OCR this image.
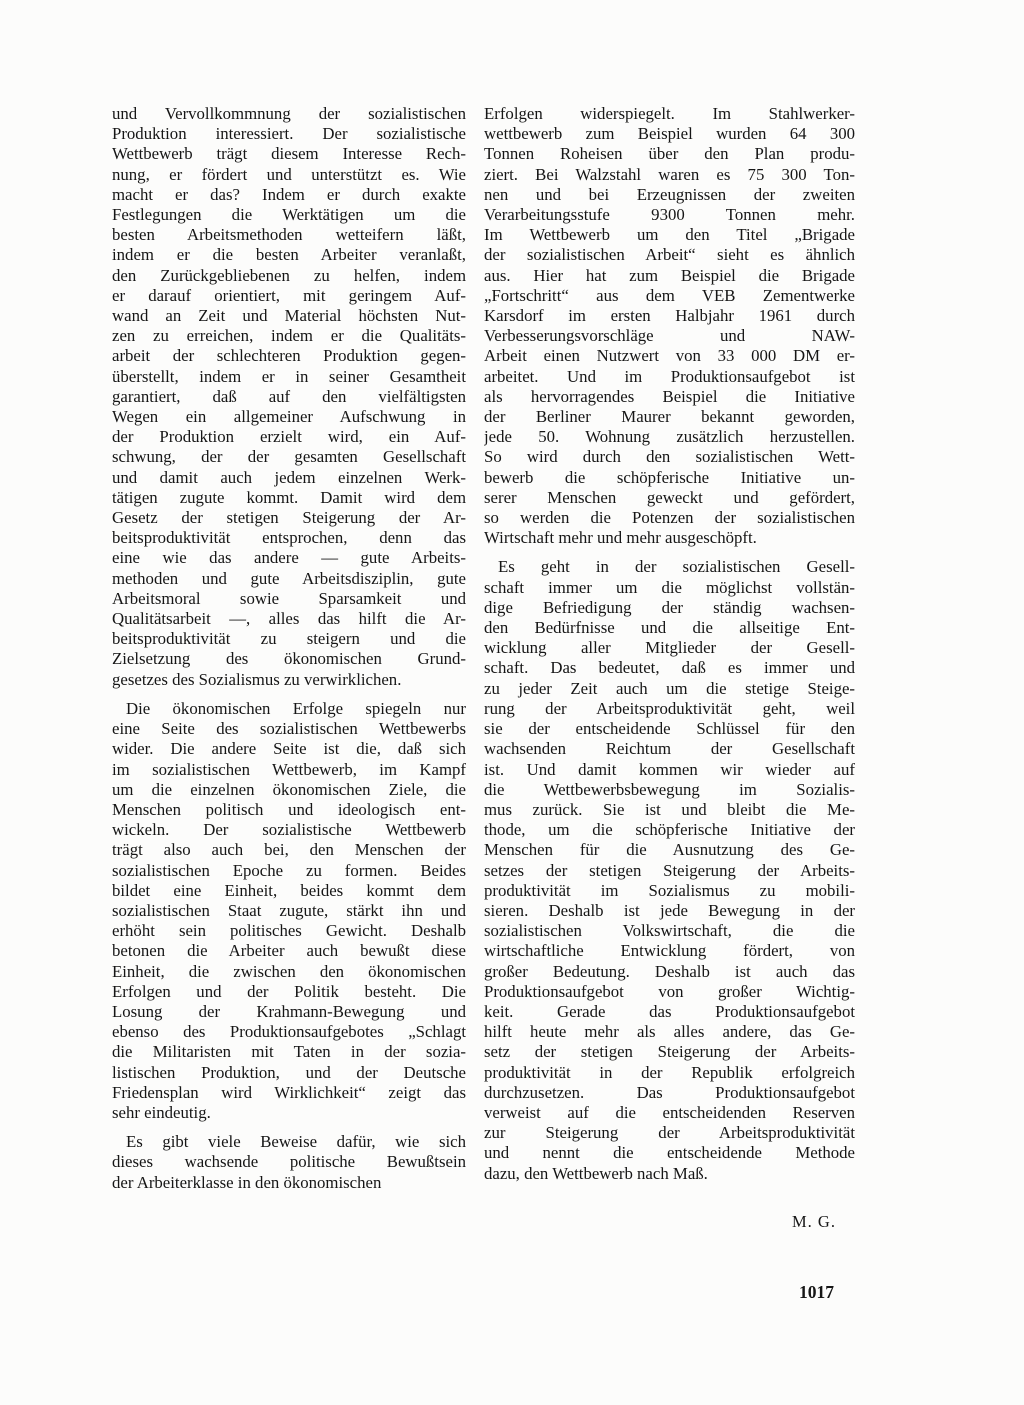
und Vervollkommnung der sozialistischen
Produktion interessiert. Der sozialistische
Wettbewerb trägt diesem Interesse Rech-
nung, er fördert und unterstützt es. Wie
macht er das? Indem er durch exakte
Festlegungen die Werktätigen um die
besten Arbeitsmethoden wetteifern läßt,
indem er die besten Arbeiter veranlaßt,
den Zurückgebliebenen zu helfen, indem
er darauf orientiert, mit geringem Auf-
wand an Zeit und Material höchsten Nut-
zen zu erreichen, indem er die Qualitäts-
arbeit der schlechteren Produktion gegen-
überstellt, indem er in seiner Gesamtheit
garantiert, daß auf den vielfältigsten
Wegen ein allgemeiner Aufschwung in
der Produktion erzielt wird, ein Auf-
schwung, der der gesamten Gesellschaft
und damit auch jedem einzelnen Werk-
tätigen zugute kommt. Damit wird dem
Gesetz der stetigen Steigerung der Ar-
beitsproduktivität entsprochen, denn das
eine wie das andere — gute Arbeits-
methoden und gute Arbeitsdisziplin, gute
Arbeitsmoral sowie Sparsamkeit und
Qualitätsarbeit —, alles das hilft die Ar-
beitsproduktivität zu steigern und die
Zielsetzung des ökonomischen Grund-
gesetzes des Sozialismus zu verwirklichen.
Die ökonomischen Erfolge spiegeln nur
eine Seite des sozialistischen Wettbewerbs
wider. Die andere Seite ist die, daß sich
im sozialistischen Wettbewerb, im Kampf
um die einzelnen ökonomischen Ziele, die
Menschen politisch und ideologisch ent-
wickeln. Der sozialistische Wettbewerb
trägt also auch bei, den Menschen der
sozialistischen Epoche zu formen. Beides
bildet eine Einheit, beides kommt dem
sozialistischen Staat zugute, stärkt ihn und
erhöht sein politisches Gewicht. Deshalb
betonen die Arbeiter auch bewußt diese
Einheit, die zwischen den ökonomischen
Erfolgen und der Politik besteht. Die
Losung der Krahmann-Bewegung und
ebenso des Produktionsaufgebotes „Schlagt
die Militaristen mit Taten in der sozia-
listischen Produktion, und der Deutsche
Friedensplan wird Wirklichkeit“ zeigt das
sehr eindeutig.
Es gibt viele Beweise dafür, wie sich
dieses wachsende politische Bewußtsein
der Arbeiterklasse in den ökonomischen
Erfolgen widerspiegelt. Im Stahlwerker-
wettbewerb zum Beispiel wurden 64 300
Tonnen Roheisen über den Plan produ-
ziert. Bei Walzstahl waren es 75 300 Ton-
nen und bei Erzeugnissen der zweiten
Verarbeitungsstufe 9300 Tonnen mehr.
Im Wettbewerb um den Titel „Brigade
der sozialistischen Arbeit“ sieht es ähnlich
aus. Hier hat zum Beispiel die Brigade
„Fortschritt“ aus dem VEB Zementwerke
Karsdorf im ersten Halbjahr 1961 durch
Verbesserungsvorschläge und NAW-
Arbeit einen Nutzwert von 33 000 DM er-
arbeitet. Und im Produktionsaufgebot ist
als hervorragendes Beispiel die Initiative
der Berliner Maurer bekannt geworden,
jede 50. Wohnung zusätzlich herzustellen.
So wird durch den sozialistischen Wett-
bewerb die schöpferische Initiative un-
serer Menschen geweckt und gefördert,
so werden die Potenzen der sozialistischen
Wirtschaft mehr und mehr ausgeschöpft.
Es geht in der sozialistischen Gesell-
schaft immer um die möglichst vollstän-
dige Befriedigung der ständig wachsen-
den Bedürfnisse und die allseitige Ent-
wicklung aller Mitglieder der Gesell-
schaft. Das bedeutet, daß es immer und
zu jeder Zeit auch um die stetige Steige-
rung der Arbeitsproduktivität geht, weil
sie der entscheidende Schlüssel für den
wachsenden Reichtum der Gesellschaft
ist. Und damit kommen wir wieder auf
die Wettbewerbsbewegung im Sozialis-
mus zurück. Sie ist und bleibt die Me-
thode, um die schöpferische Initiative der
Menschen für die Ausnutzung des Ge-
setzes der stetigen Steigerung der Arbeits-
produktivität im Sozialismus zu mobili-
sieren. Deshalb ist jede Bewegung in der
sozialistischen Volkswirtschaft, die die
wirtschaftliche Entwicklung fördert, von
großer Bedeutung. Deshalb ist auch das
Produktionsaufgebot von großer Wichtig-
keit. Gerade das Produktionsaufgebot
hilft heute mehr als alles andere, das Ge-
setz der stetigen Steigerung der Arbeits-
produktivität in der Republik erfolgreich
durchzusetzen. Das Produktionsaufgebot
verweist auf die entscheidenden Reserven
zur Steigerung der Arbeitsproduktivität
und nennt die entscheidende Methode
dazu, den Wettbewerb nach Maß.
M. G.
1017
